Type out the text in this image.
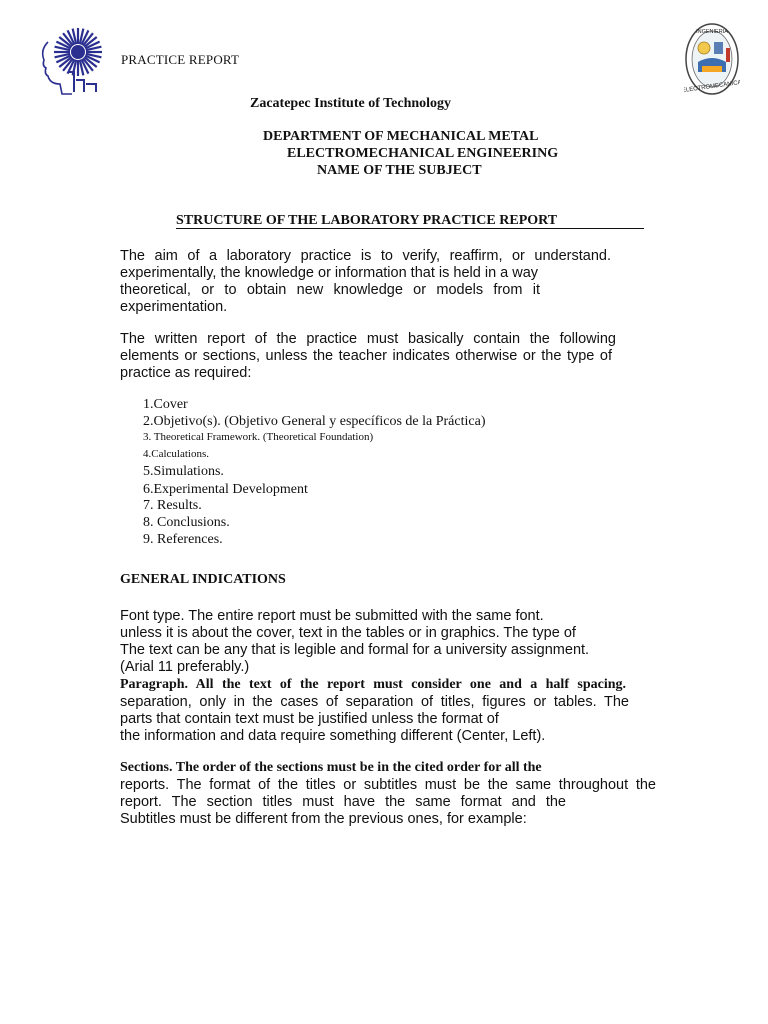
INGENIERIA
ELECTROMECANICA
PRACTICE REPORT
Zacatepec Institute of Technology
DEPARTMENT OF MECHANICAL METAL
ELECTROMECHANICAL ENGINEERING
NAME OF THE SUBJECT
STRUCTURE OF THE LABORATORY PRACTICE REPORT
The aim of a laboratory practice is to verify, reaffirm, or understand.
experimentally, the knowledge or information that is held in a way
theoretical, or to obtain new knowledge or models from it
experimentation.
The written report of the practice must basically contain the following
elements or sections, unless the teacher indicates otherwise or the type of
practice as required:
1.Cover
2.Objetivo(s). (Objetivo General y específicos de la Práctica)
3. Theoretical Framework. (Theoretical Foundation)
4.Calculations.
5.Simulations.
6.Experimental Development
7. Results.
8. Conclusions.
9. References.
GENERAL INDICATIONS
Font type. The entire report must be submitted with the same font.
unless it is about the cover, text in the tables or in graphics. The type of
The text can be any that is legible and formal for a university assignment.
(Arial 11 preferably.)
Paragraph. All the text of the report must consider one and a half spacing.
separation, only in the cases of separation of titles, figures or tables. The
parts that contain text must be justified unless the format of
the information and data require something different (Center, Left).
Sections. The order of the sections must be in the cited order for all the
reports. The format of the titles or subtitles must be the same throughout the
report. The section titles must have the same format and the
Subtitles must be different from the previous ones, for example:
